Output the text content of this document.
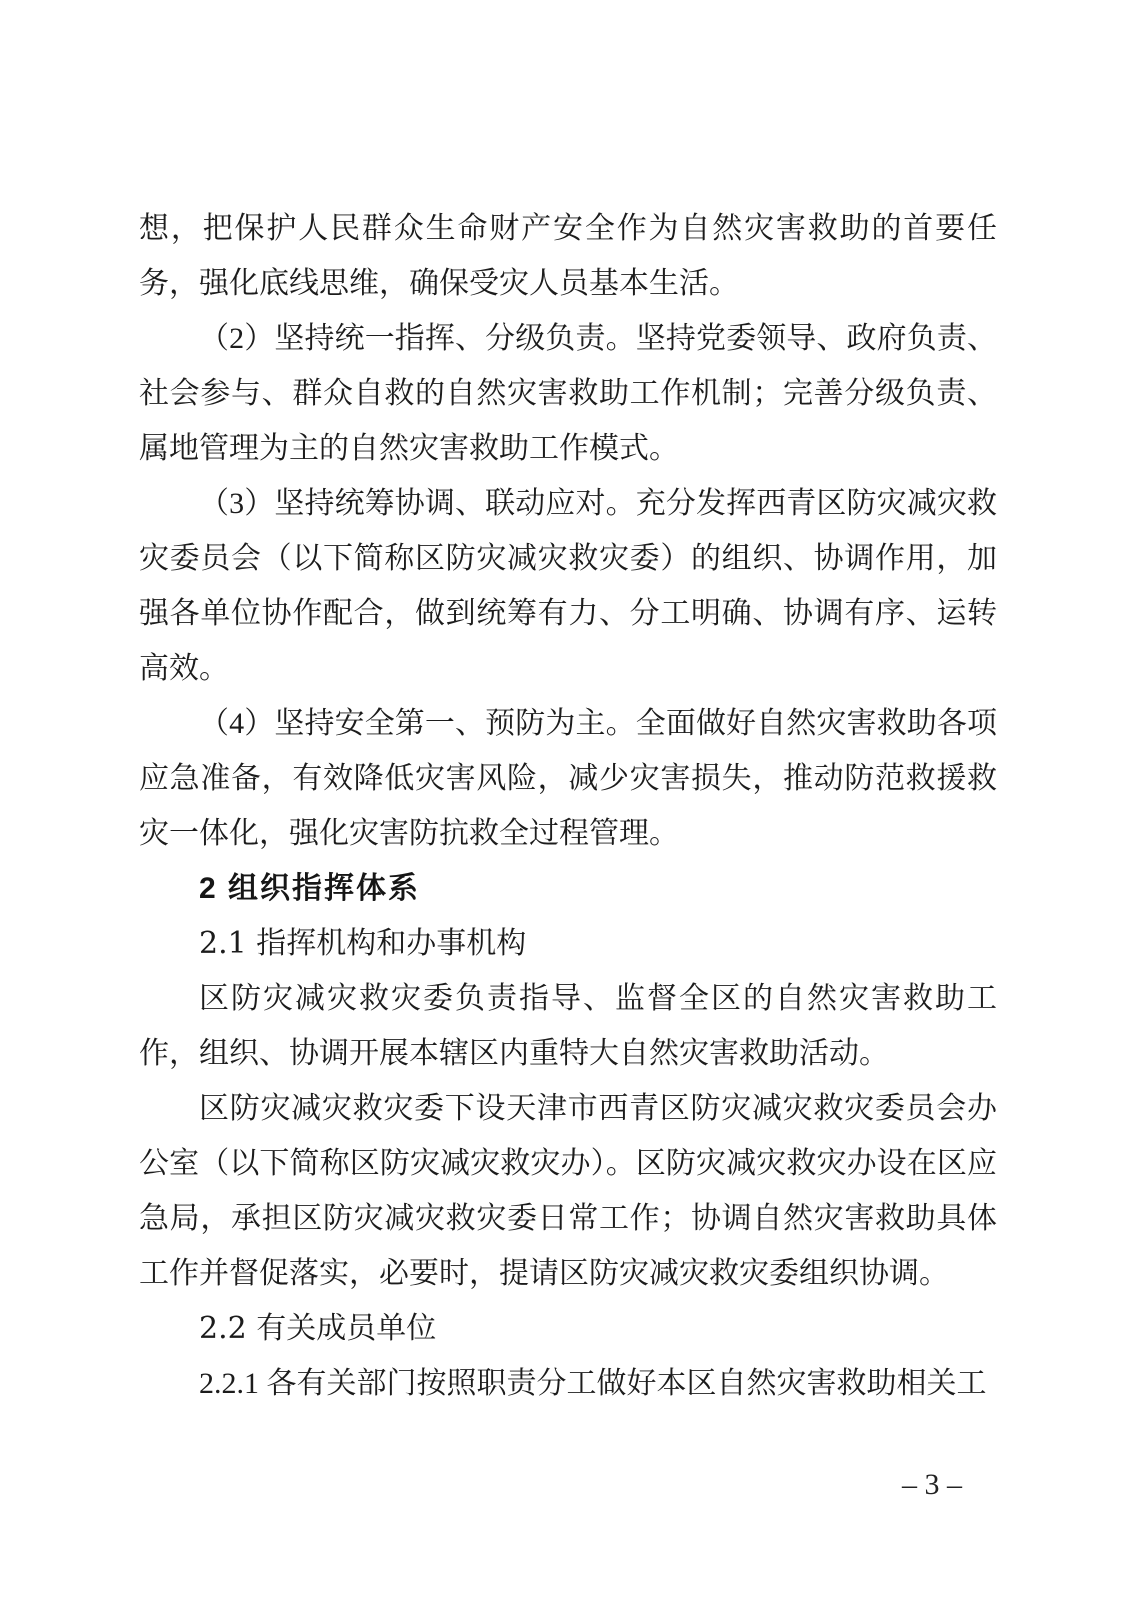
想，把保护人民群众生命财产安全作为自然灾害救助的首要任务，强化底线思维，确保受灾人员基本生活。

（2）坚持统一指挥、分级负责。坚持党委领导、政府负责、社会参与、群众自救的自然灾害救助工作机制；完善分级负责、属地管理为主的自然灾害救助工作模式。

（3）坚持统筹协调、联动应对。充分发挥西青区防灾减灾救灾委员会（以下简称区防灾减灾救灾委）的组织、协调作用，加强各单位协作配合，做到统筹有力、分工明确、协调有序、运转高效。

（4）坚持安全第一、预防为主。全面做好自然灾害救助各项应急准备，有效降低灾害风险，减少灾害损失，推动防范救援救灾一体化，强化灾害防抗救全过程管理。

2 组织指挥体系
2.1 指挥机构和办事机构

区防灾减灾救灾委负责指导、监督全区的自然灾害救助工作，组织、协调开展本辖区内重特大自然灾害救助活动。

区防灾减灾救灾委下设天津市西青区防灾减灾救灾委员会办公室（以下简称区防灾减灾救灾办）。区防灾减灾救灾办设在区应急局，承担区防灾减灾救灾委日常工作；协调自然灾害救助具体工作并督促落实，必要时，提请区防灾减灾救灾委组织协调。

2.2 有关成员单位

2.2.1 各有关部门按照职责分工做好本区自然灾害救助相关工

– 3 –
